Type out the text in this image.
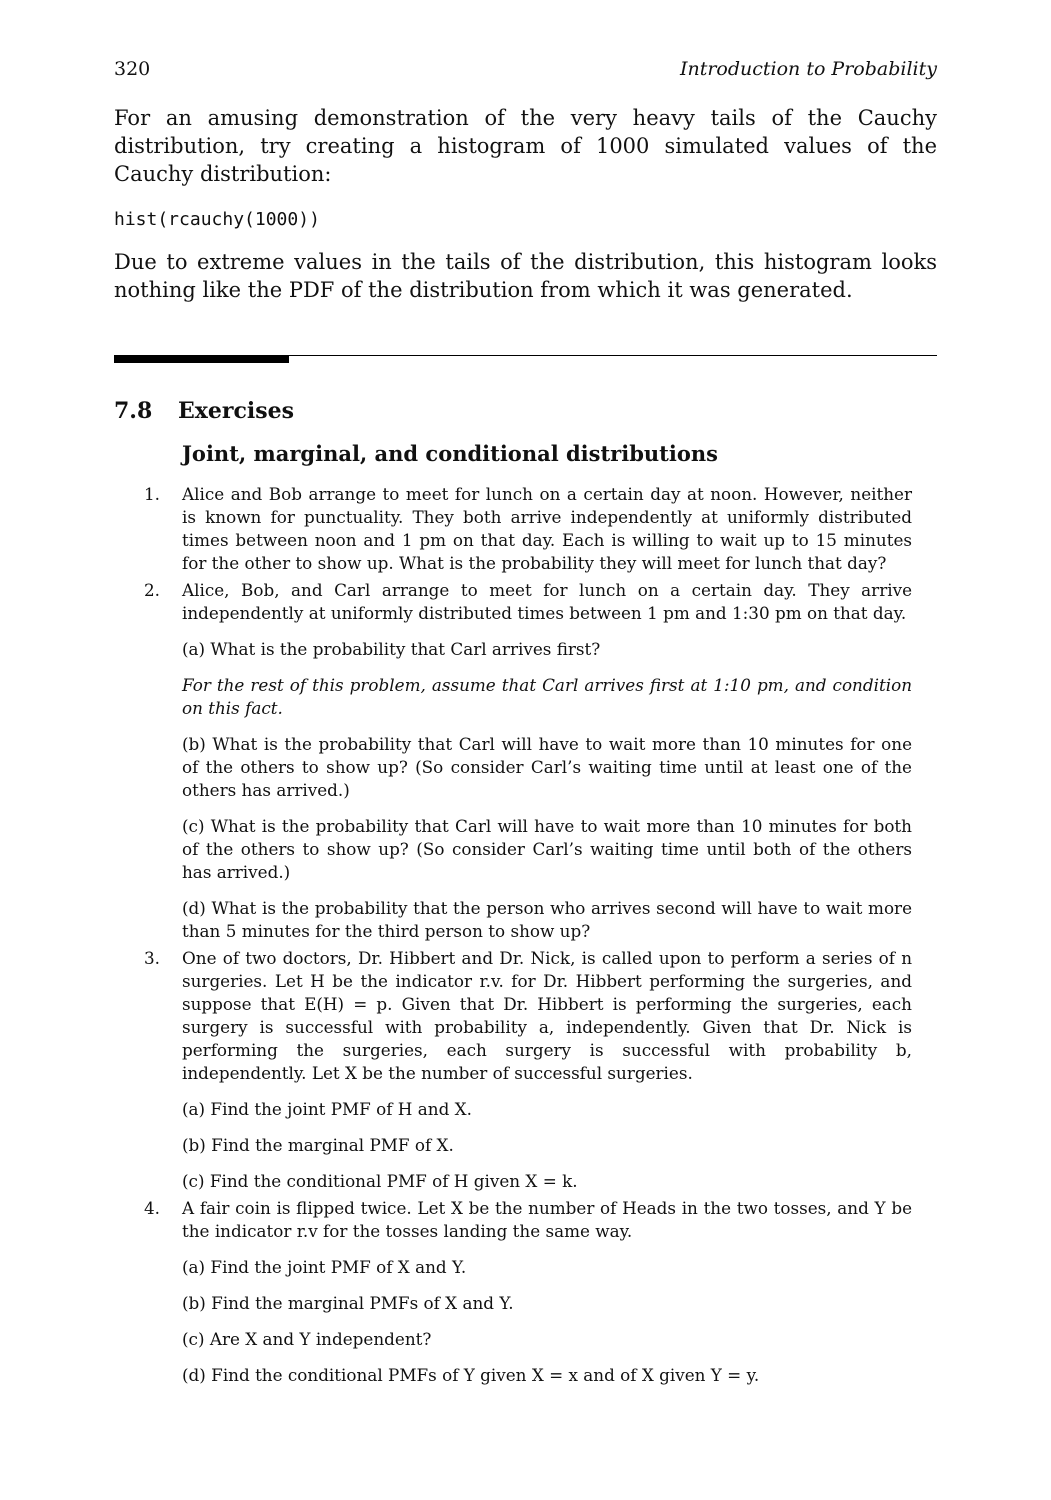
320	Introduction to Probability

For an amusing demonstration of the very heavy tails of the Cauchy distribution, try creating a histogram of 1000 simulated values of the Cauchy distribution:

hist(rcauchy(1000))

Due to extreme values in the tails of the distribution, this histogram looks nothing like the PDF of the distribution from which it was generated.

7.8 Exercises
Joint, marginal, and conditional distributions
1. Alice and Bob arrange to meet for lunch on a certain day at noon. However, neither is known for punctuality. They both arrive independently at uniformly distributed times between noon and 1 pm on that day. Each is willing to wait up to 15 minutes for the other to show up. What is the probability they will meet for lunch that day?

2. Alice, Bob, and Carl arrange to meet for lunch on a certain day. They arrive independently at uniformly distributed times between 1 pm and 1:30 pm on that day.

(a) What is the probability that Carl arrives first?

For the rest of this problem, assume that Carl arrives first at 1:10 pm, and condition on this fact.

(b) What is the probability that Carl will have to wait more than 10 minutes for one of the others to show up? (So consider Carl’s waiting time until at least one of the others has arrived.)

(c) What is the probability that Carl will have to wait more than 10 minutes for both of the others to show up? (So consider Carl’s waiting time until both of the others has arrived.)

(d) What is the probability that the person who arrives second will have to wait more than 5 minutes for the third person to show up?

3. One of two doctors, Dr. Hibbert and Dr. Nick, is called upon to perform a series of n surgeries. Let H be the indicator r.v. for Dr. Hibbert performing the surgeries, and suppose that E(H) = p. Given that Dr. Hibbert is performing the surgeries, each surgery is successful with probability a, independently. Given that Dr. Nick is performing the surgeries, each surgery is successful with probability b, independently. Let X be the number of successful surgeries.

(a) Find the joint PMF of H and X.

(b) Find the marginal PMF of X.

(c) Find the conditional PMF of H given X = k.

4. A fair coin is flipped twice. Let X be the number of Heads in the two tosses, and Y be the indicator r.v for the tosses landing the same way.

(a) Find the joint PMF of X and Y.

(b) Find the marginal PMFs of X and Y.

(c) Are X and Y independent?

(d) Find the conditional PMFs of Y given X = x and of X given Y = y.
